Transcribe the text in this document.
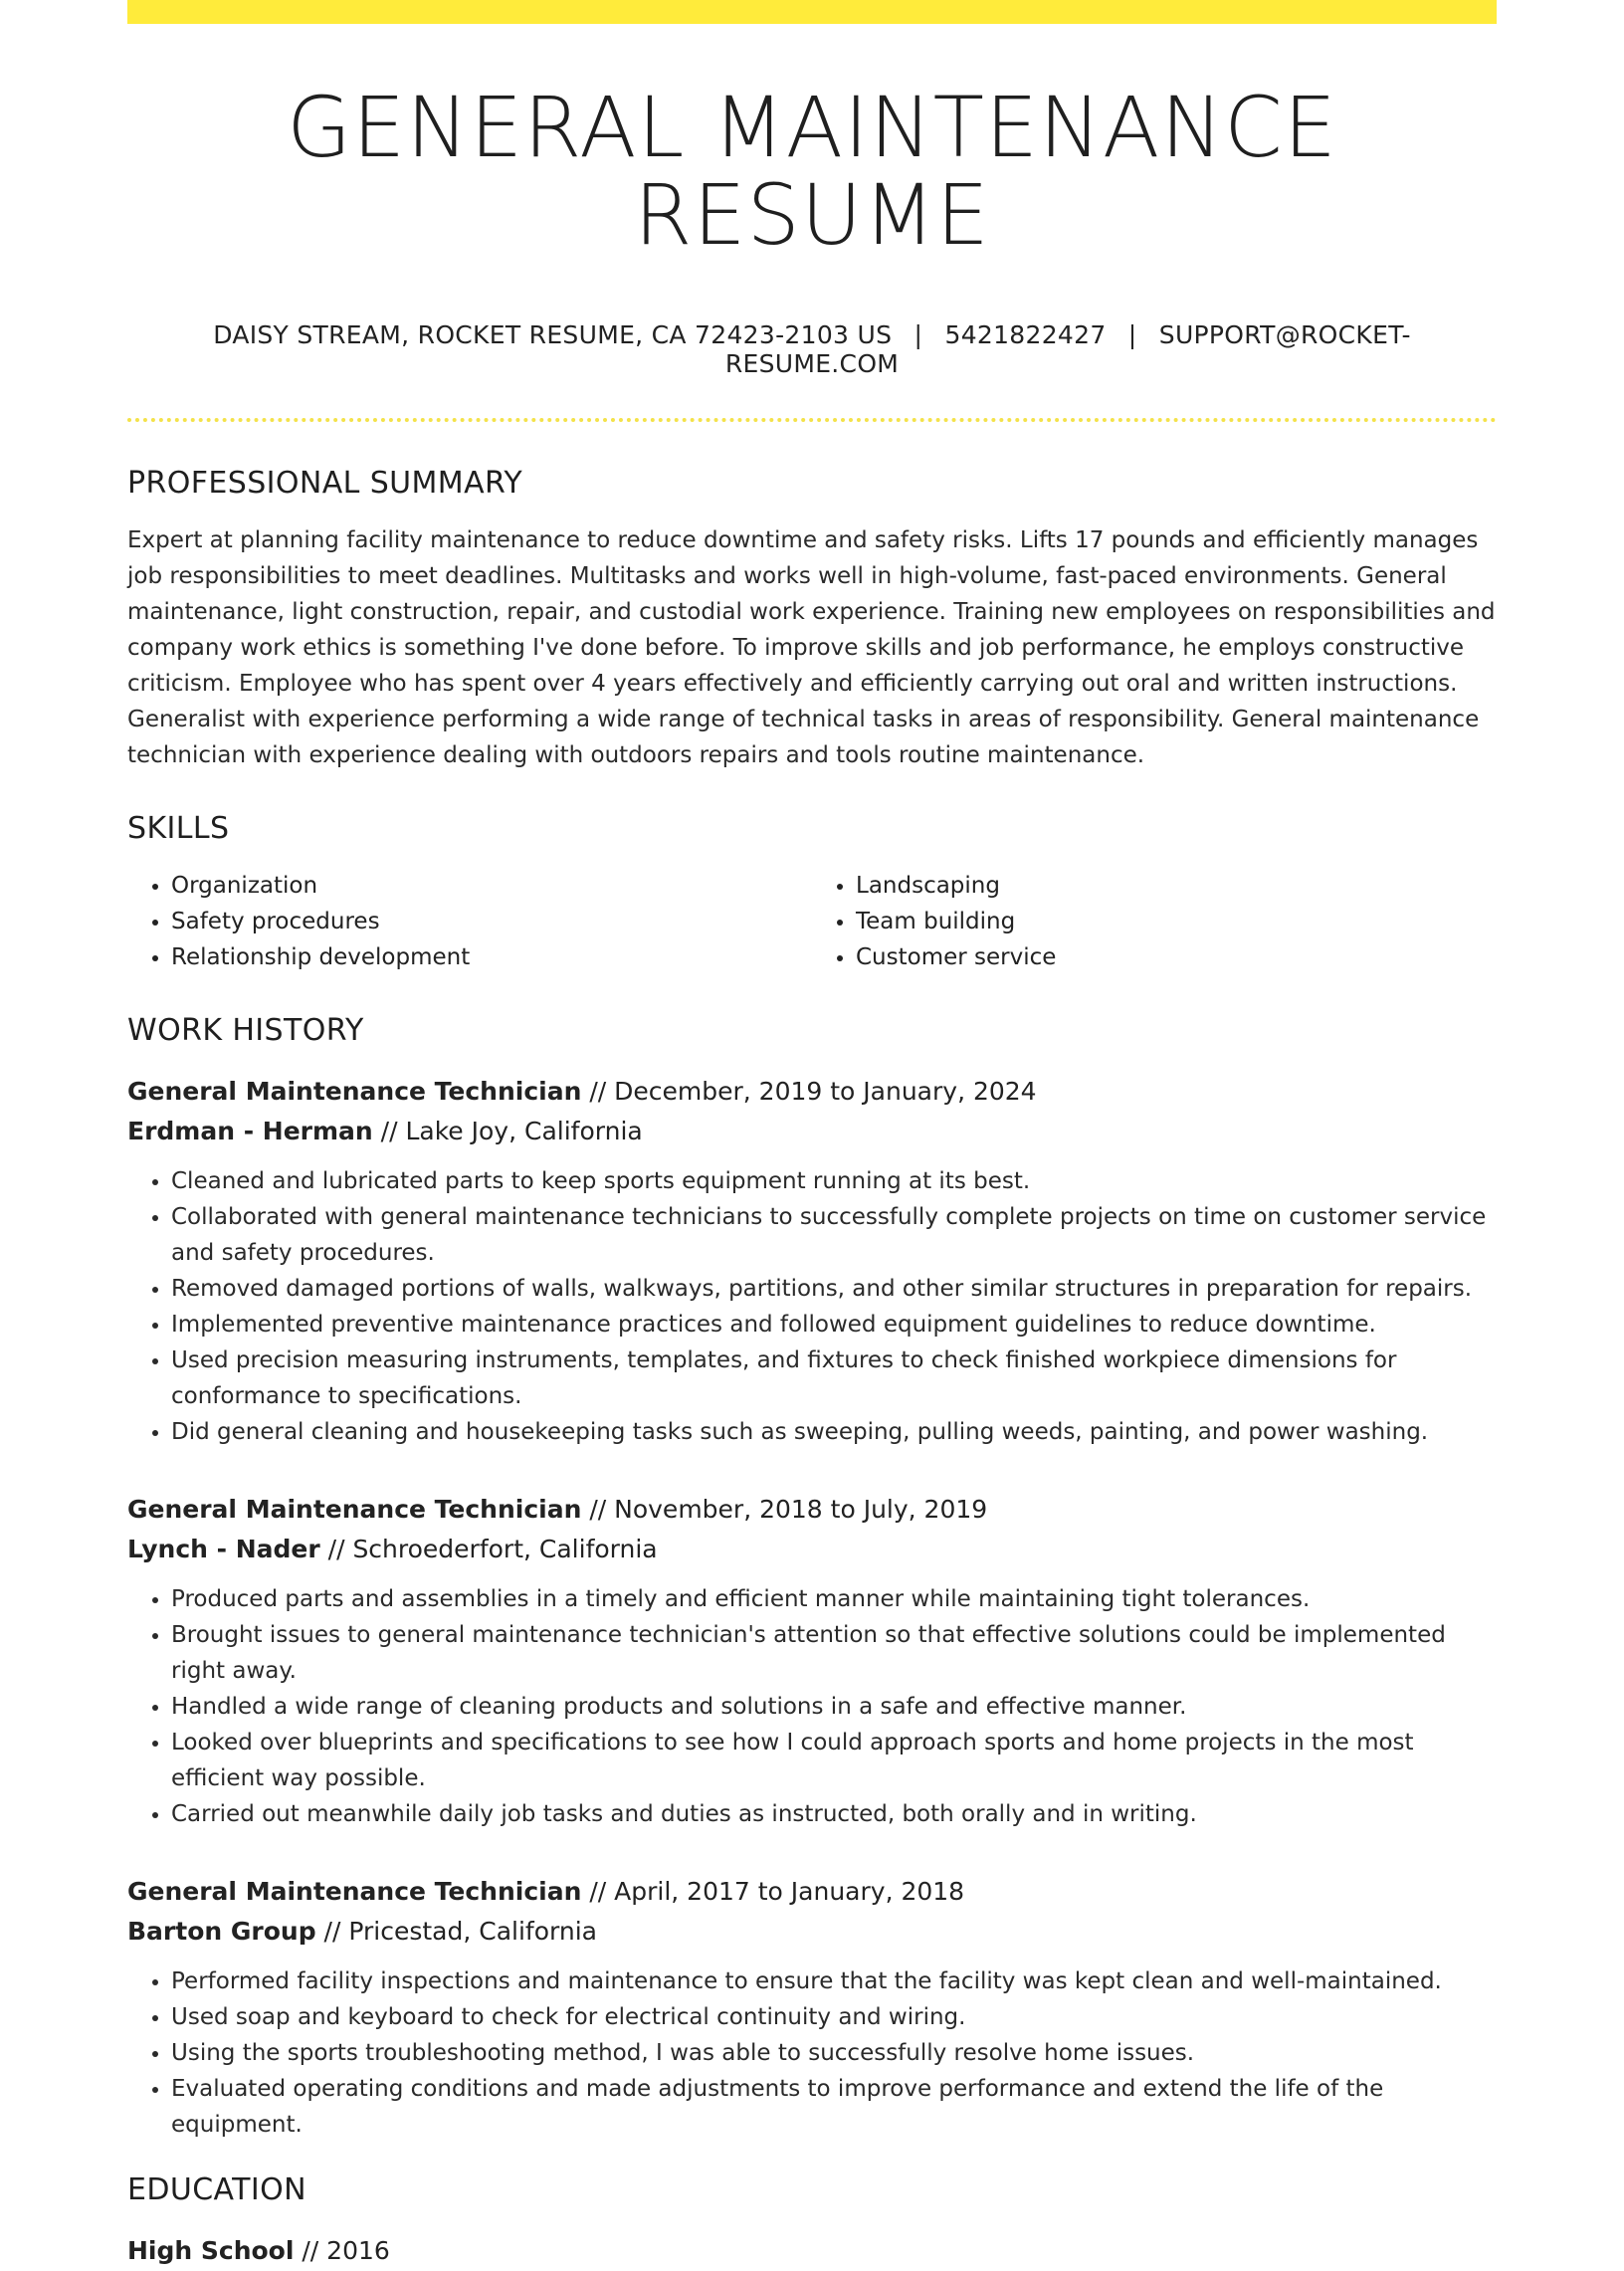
GENERAL MAINTENANCE RESUME
DAISY STREAM, ROCKET RESUME, CA 72423-2103 US | 5421822427 | SUPPORT@ROCKET-RESUME.COM
PROFESSIONAL SUMMARY

Expert at planning facility maintenance to reduce downtime and safety risks. Lifts 17 pounds and efficiently manages job responsibilities to meet deadlines. Multitasks and works well in high-volume, fast-paced environments. General maintenance, light construction, repair, and custodial work experience. Training new employees on responsibilities and company work ethics is something I've done before. To improve skills and job performance, he employs constructive criticism. Employee who has spent over 4 years effectively and efficiently carrying out oral and written instructions. Generalist with experience performing a wide range of technical tasks in areas of responsibility. General maintenance technician with experience dealing with outdoors repairs and tools routine maintenance.

SKILLS
• Organization
• Safety procedures
• Relationship development
• Landscaping
• Team building
• Customer service
WORK HISTORY
General Maintenance Technician // December, 2019 to January, 2024
Erdman - Herman // Lake Joy, California
• Cleaned and lubricated parts to keep sports equipment running at its best.
• Collaborated with general maintenance technicians to successfully complete projects on time on customer service and safety procedures.
• Removed damaged portions of walls, walkways, partitions, and other similar structures in preparation for repairs.
• Implemented preventive maintenance practices and followed equipment guidelines to reduce downtime.
• Used precision measuring instruments, templates, and fixtures to check finished workpiece dimensions for conformance to specifications.
• Did general cleaning and housekeeping tasks such as sweeping, pulling weeds, painting, and power washing.
General Maintenance Technician // November, 2018 to July, 2019
Lynch - Nader // Schroederfort, California
• Produced parts and assemblies in a timely and efficient manner while maintaining tight tolerances.
• Brought issues to general maintenance technician's attention so that effective solutions could be implemented right away.
• Handled a wide range of cleaning products and solutions in a safe and effective manner.
• Looked over blueprints and specifications to see how I could approach sports and home projects in the most efficient way possible.
• Carried out meanwhile daily job tasks and duties as instructed, both orally and in writing.
General Maintenance Technician // April, 2017 to January, 2018
Barton Group // Pricestad, California
• Performed facility inspections and maintenance to ensure that the facility was kept clean and well-maintained.
• Used soap and keyboard to check for electrical continuity and wiring.
• Using the sports troubleshooting method, I was able to successfully resolve home issues.
• Evaluated operating conditions and made adjustments to improve performance and extend the life of the equipment.
EDUCATION
High School // 2016
